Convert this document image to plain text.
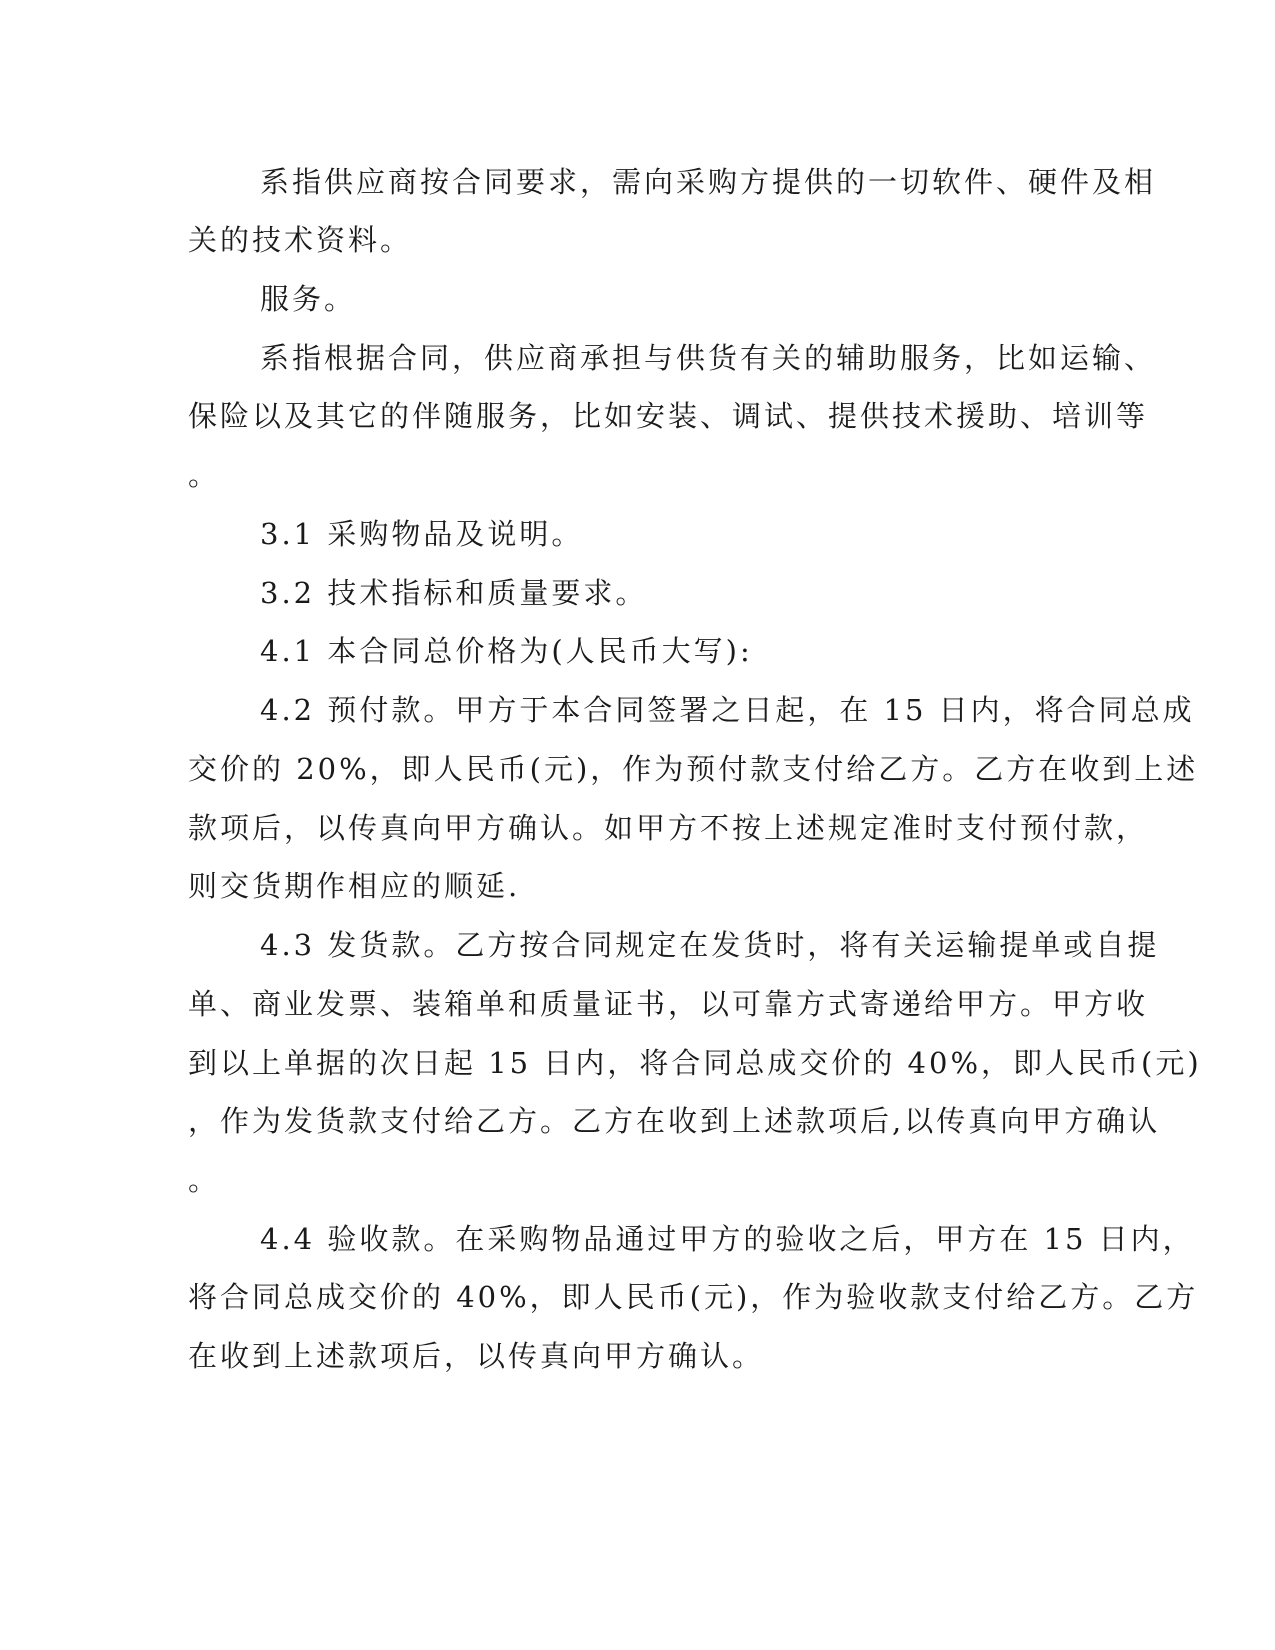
系指供应商按合同要求，需向采购方提供的一切软件、硬件及相
关的技术资料。
服务。
系指根据合同，供应商承担与供货有关的辅助服务，比如运输、
保险以及其它的伴随服务，比如安装、调试、提供技术援助、培训等
。
3.1 采购物品及说明。
3.2 技术指标和质量要求。
4.1 本合同总价格为(人民币大写):
4.2 预付款。甲方于本合同签署之日起，在 15 日内，将合同总成
交价的 20%，即人民币(元)，作为预付款支付给乙方。乙方在收到上述
款项后，以传真向甲方确认。如甲方不按上述规定准时支付预付款，
则交货期作相应的顺延.
4.3 发货款。乙方按合同规定在发货时，将有关运输提单或自提
单、商业发票、装箱单和质量证书，以可靠方式寄递给甲方。甲方收
到以上单据的次日起 15 日内，将合同总成交价的 40%，即人民币(元)
，作为发货款支付给乙方。乙方在收到上述款项后,以传真向甲方确认
。
4.4 验收款。在采购物品通过甲方的验收之后，甲方在 15 日内，
将合同总成交价的 40%，即人民币(元)，作为验收款支付给乙方。乙方
在收到上述款项后，以传真向甲方确认。
